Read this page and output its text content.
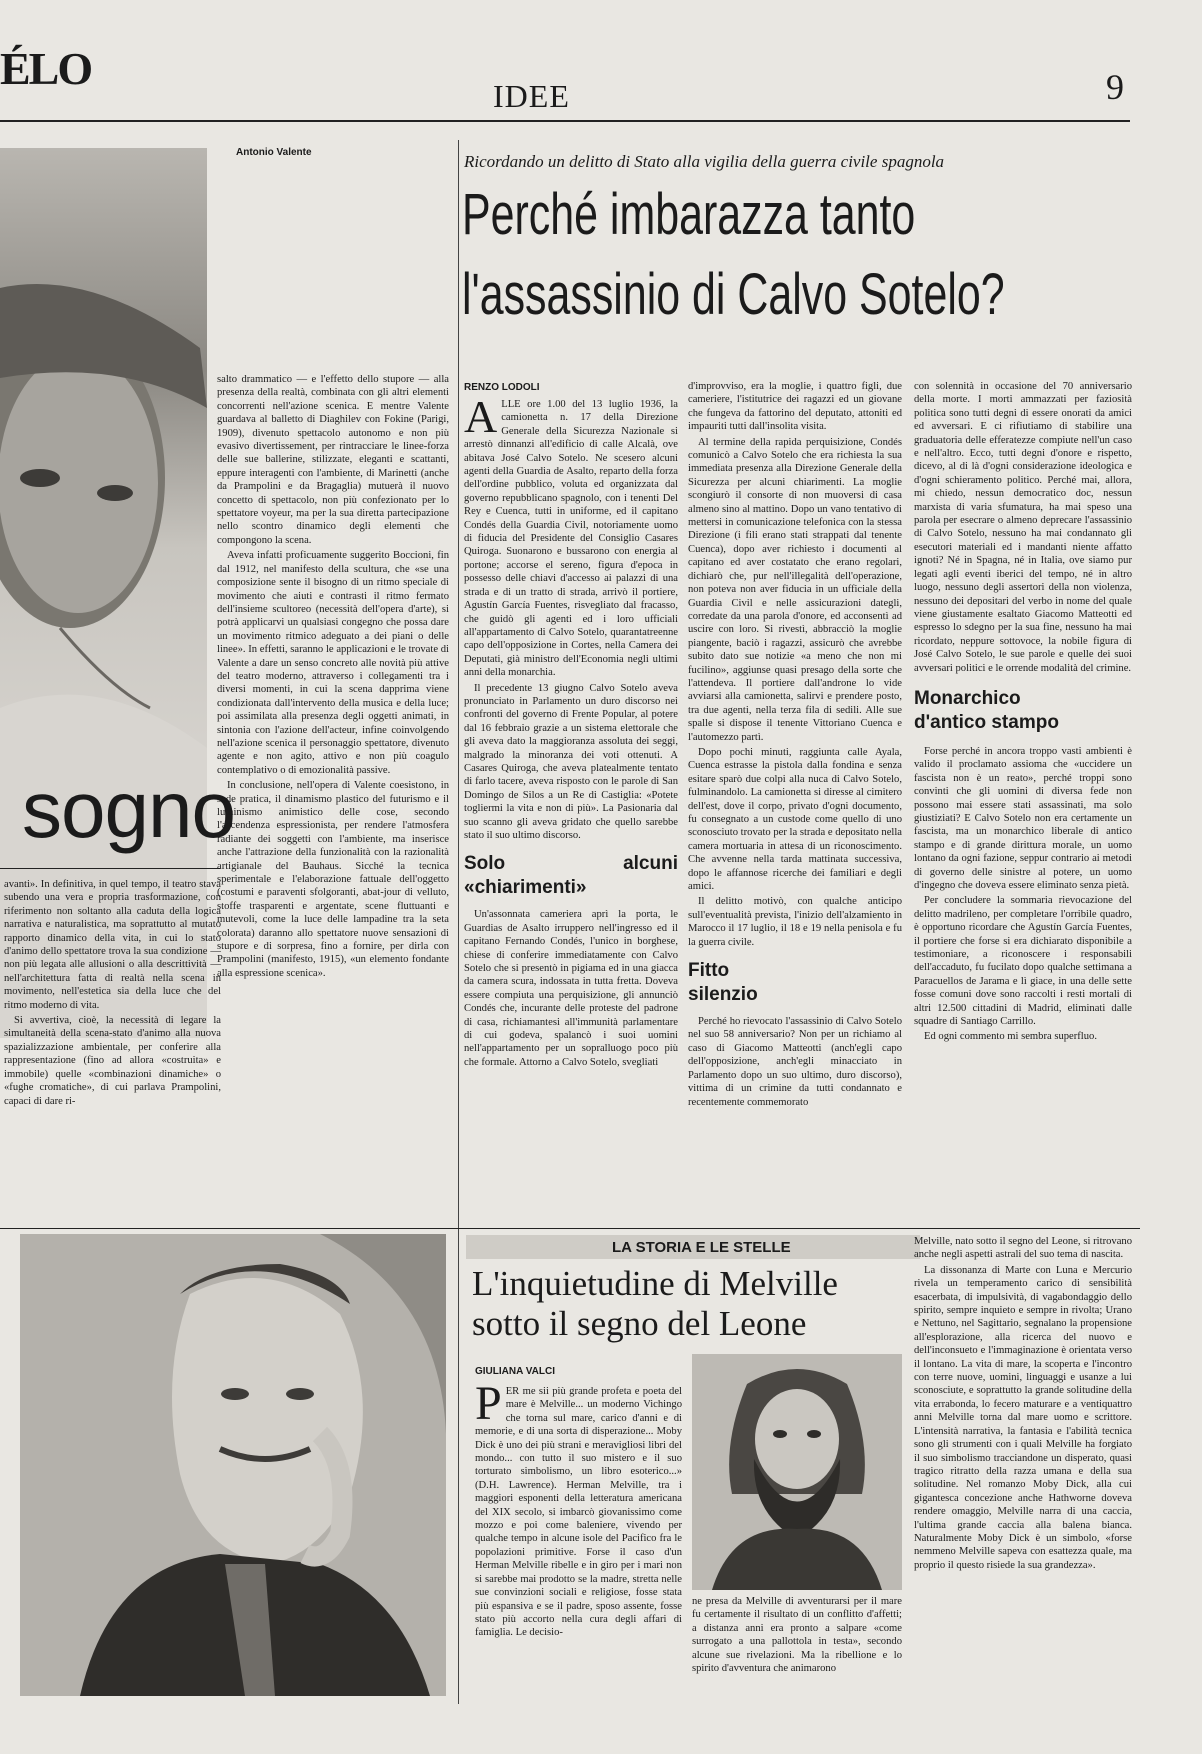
ÉLO
IDEE	9
sogno
Antonio Valente

salto drammatico — e l'effetto dello stupore — alla presenza della realtà, combinata con gli altri elementi concorrenti nell'azione scenica. E mentre Valente guardava al balletto di Diaghilev con Fokine (Parigi, 1909), divenuto spettacolo autonomo e non più evasivo divertissement, per rintracciare le linee-forza delle sue ballerine, stilizzate, eleganti e scattanti, eppure interagenti con l'ambiente, di Marinetti (anche da Prampolini e da Bragaglia) mutuerà il nuovo concetto di spettacolo, non più confezionato per lo spettatore voyeur, ma per la sua diretta partecipazione nello scontro dinamico degli elementi che compongono la scena.

Aveva infatti proficuamente suggerito Boccioni, fin dal 1912, nel manifesto della scultura, che «se una composizione sente il bisogno di un ritmo speciale di movimento che aiuti e contrasti il ritmo fermato dell'insieme scultoreo (necessità dell'opera d'arte), si potrà applicarvi un qualsiasi congegno che possa dare un movimento ritmico adeguato a dei piani o delle linee». In effetti, saranno le applicazioni e le trovate di Valente a dare un senso concreto alle novità più attive del teatro moderno, attraverso i collegamenti tra i diversi momenti, in cui la scena dapprima viene condizionata dall'intervento della musica e della luce; poi assimilata alla presenza degli oggetti animati, in sintonia con l'azione dell'acteur, infine coinvolgendo nell'azione scenica il personaggio spettatore, divenuto agente e non agito, attivo e non più coagulo contemplativo o di emozionalità passive.

In conclusione, nell'opera di Valente coesistono, in sede pratica, il dinamismo plastico del futurismo e il luminismo animistico delle cose, secondo l'ascendenza espressionista, per rendere l'atmosfera radiante dei soggetti con l'ambiente, ma inserisce anche l'attrazione della funzionalità con la razionalità artigianale del Bauhaus. Sicché la tecnica sperimentale e l'elaborazione fattuale dell'oggetto (costumi e paraventi sfolgoranti, abat-jour di velluto, stoffe trasparenti e argentate, scene fluttuanti e mutevoli, come la luce delle lampadine tra la seta colorata) daranno allo spettatore nuove sensazioni di stupore e di sorpresa, fino a fornire, per dirla con Prampolini (manifesto, 1915), «un elemento fondante alla espressione scenica».

avanti». In definitiva, in quel tempo, il teatro stava subendo una vera e propria trasformazione, con riferimento non soltanto alla caduta della logica narrativa e naturalistica, ma soprattutto al mutato rapporto dinamico della vita, in cui lo stato d'animo dello spettatore trova la sua condizione — non più legata alle allusioni o alla descrittività — nell'architettura fatta di realtà nella scena in movimento, nell'estetica sia della luce che del ritmo moderno di vita.

Si avvertiva, cioè, la necessità di legare la simultaneità della scena-stato d'animo alla nuova spazializzazione ambientale, per conferire alla rappresentazione (fino ad allora «costruita» e immobile) quelle «combinazioni dinamiche» o «fughe cromatiche», di cui parlava Prampolini, capaci di dare ri-

Ricordando un delitto di Stato alla vigilia della guerra civile spagnola
Perché imbarazza tanto
l'assassinio di Calvo Sotelo?
RENZO LODOLI
A LLE ore 1.00 del 13 luglio 1936, la camionetta n. 17 della Direzione Generale della Sicurezza Nazionale si arrestò dinnanzi all'edificio di calle Alcalà, ove abitava José Calvo Sotelo. Ne scesero alcuni agenti della Guardia de Asalto, reparto della forza dell'ordine pubblico, voluta ed organizzata dal governo repubblicano spagnolo, con i tenenti Del Rey e Cuenca, tutti in uniforme, ed il capitano Condés della Guardia Civil, notoriamente uomo di fiducia del Presidente del Consiglio Casares Quiroga. Suonarono e bussarono con energia al portone; accorse el sereno, figura d'epoca in possesso delle chiavi d'accesso ai palazzi di una strada e di un tratto di strada, arrivò il portiere, Agustín García Fuentes, risvegliato dal fracasso, che guidò gli agenti ed i loro ufficiali all'appartamento di Calvo Sotelo, quarantatreenne capo dell'opposizione in Cortes, nella Camera dei Deputati, già ministro dell'Economia negli ultimi anni della monarchia.

Il precedente 13 giugno Calvo Sotelo aveva pronunciato in Parlamento un duro discorso nei confronti del governo di Frente Popular, al potere dal 16 febbraio grazie a un sistema elettorale che gli aveva dato la maggioranza assoluta dei seggi, malgrado la minoranza dei voti ottenuti. A Casares Quiroga, che aveva platealmente tentato di farlo tacere, aveva risposto con le parole di San Domingo de Silos a un Re di Castiglia: «Potete togliermi la vita e non di più». La Pasionaria dal suo scanno gli aveva gridato che quello sarebbe stato il suo ultimo discorso.

Solo alcuni «chiarimenti»

Un'assonnata cameriera aprì la porta, le Guardias de Asalto irruppero nell'ingresso ed il capitano Fernando Condés, l'unico in borghese, chiese di conferire immediatamente con Calvo Sotelo che si presentò in pigiama ed in una giacca da camera scura, indossata in tutta fretta. Doveva essere compiuta una perquisizione, gli annunciò Condés che, incurante delle proteste del padrone di casa, richiamantesi all'immunità parlamentare di cui godeva, spalancò i suoi uomini nell'appartamento per un sopralluogo poco più che formale. Attorno a Calvo Sotelo, svegliati

d'improvviso, era la moglie, i quattro figli, due cameriere, l'istitutrice dei ragazzi ed un giovane che fungeva da fattorino del deputato, attoniti ed impauriti tutti dall'insolita visita.

Al termine della rapida perquisizione, Condés comunicò a Calvo Sotelo che era richiesta la sua immediata presenza alla Direzione Generale della Sicurezza per alcuni chiarimenti. La moglie scongiurò il consorte di non muoversi di casa almeno sino al mattino. Dopo un vano tentativo di mettersi in comunicazione telefonica con la stessa Direzione (i fili erano stati strappati dal tenente Cuenca), dopo aver richiesto i documenti al capitano ed aver costatato che erano regolari, dichiarò che, pur nell'illegalità dell'operazione, non poteva non aver fiducia in un ufficiale della Guardia Civil e nelle assicurazioni dategli, corredate da una parola d'onore, ed acconsentì ad uscire con loro. Si rivestì, abbracciò la moglie piangente, baciò i ragazzi, assicurò che avrebbe subito dato sue notizie «a meno che non mi fucilino», aggiunse quasi presago della sorte che l'attendeva. Il portiere dall'androne lo vide avviarsi alla camionetta, salirvi e prendere posto, tra due agenti, nella terza fila di sedili. Alle sue spalle si dispose il tenente Vittoriano Cuenca e l'automezzo partì.

Dopo pochi minuti, raggiunta calle Ayala, Cuenca estrasse la pistola dalla fondina e senza esitare sparò due colpi alla nuca di Calvo Sotelo, fulminandolo. La camionetta si diresse al cimitero dell'est, dove il corpo, privato d'ogni documento, fu consegnato a un custode come quello di uno sconosciuto trovato per la strada e depositato nella camera mortuaria in attesa di un riconoscimento. Che avvenne nella tarda mattinata successiva, dopo le affannose ricerche dei familiari e degli amici.

Il delitto motivò, con qualche anticipo sull'eventualità prevista, l'inizio dell'alzamiento in Marocco il 17 luglio, il 18 e 19 nella penisola e fu la guerra civile.

Fitto silenzio

Perché ho rievocato l'assassinio di Calvo Sotelo nel suo 58 anniversario? Non per un richiamo al caso di Giacomo Matteotti (anch'egli capo dell'opposizione, anch'egli minacciato in Parlamento dopo un suo ultimo, duro discorso), vittima di un crimine da tutti condannato e recentemente commemorato

con solennità in occasione del 70 anniversario della morte. I morti ammazzati per faziosità politica sono tutti degni di essere onorati da amici ed avversari. E ci rifiutiamo di stabilire una graduatoria delle efferatezze compiute nell'un caso e nell'altro. Ecco, tutti degni d'onore e rispetto, dicevo, al di là d'ogni considerazione ideologica e d'ogni schieramento politico. Perché mai, allora, mi chiedo, nessun democratico doc, nessun marxista di varia sfumatura, ha mai speso una parola per esecrare o almeno deprecare l'assassinio di Calvo Sotelo, nessuno ha mai condannato gli esecutori materiali ed i mandanti niente affatto ignoti? Né in Spagna, né in Italia, ove siamo pur legati agli eventi iberici del tempo, né in altro luogo, nessuno degli assertori della non violenza, nessuno dei depositari del verbo in nome del quale viene giustamente esaltato Giacomo Matteotti ed espresso lo sdegno per la sua fine, nessuno ha mai ricordato, neppure sottovoce, la nobile figura di José Calvo Sotelo, le sue parole e quelle dei suoi avversari politici e le orrende modalità del crimine.

Monarchico d'antico stampo

Forse perché in ancora troppo vasti ambienti è valido il proclamato assioma che «uccidere un fascista non è un reato», perché troppi sono convinti che gli uomini di diversa fede non possono mai essere stati assassinati, ma solo giustiziati? E Calvo Sotelo non era certamente un fascista, ma un monarchico liberale di antico stampo e di grande dirittura morale, un uomo lontano da ogni fazione, seppur contrario ai metodi di governo delle sinistre al potere, un uomo d'ingegno che doveva essere eliminato senza pietà.

Per concludere la sommaria rievocazione del delitto madrileno, per completare l'orribile quadro, è opportuno ricordare che Agustín García Fuentes, il portiere che forse si era dichiarato disponibile a testimoniare, a riconoscere i responsabili dell'accaduto, fu fucilato dopo qualche settimana a Paracuellos de Jarama e lì giace, in una delle sette fosse comuni dove sono raccolti i resti mortali di altri 12.500 cittadini di Madrid, eliminati dalle squadre di Santiago Carrillo.

Ed ogni commento mi sembra superfluo.

LA STORIA E LE STELLE
L'inquietudine di Melville
sotto il segno del Leone
GIULIANA VALCI
P ER me sii più grande profeta e poeta del mare è Melville... un moderno Vichingo che torna sul mare, carico d'anni e di memorie, e di una sorta di disperazione... Moby Dick è uno dei più strani e meravigliosi libri del mondo... con tutto il suo mistero e il suo torturato simbolismo, un libro esoterico...» (D.H. Lawrence). Herman Melville, tra i maggiori esponenti della letteratura americana del XIX secolo, si imbarcò giovanissimo come mozzo e poi come baleniere, vivendo per qualche tempo in alcune isole del Pacifico fra le popolazioni primitive. Forse il caso d'un Herman Melville ribelle e in giro per i mari non si sarebbe mai prodotto se la madre, stretta nelle sue convinzioni sociali e religiose, fosse stata più espansiva e se il padre, sposo assente, fosse stato più accorto nella cura degli affari di famiglia. Le decisio-

ne presa da Melville di avventurarsi per il mare fu certamente il risultato di un conflitto d'affetti; a distanza anni era pronto a salpare «come surrogato a una pallottola in testa», secondo alcune sue rivelazioni. Ma la ribellione e lo spirito d'avventura che animarono

Melville, nato sotto il segno del Leone, si ritrovano anche negli aspetti astrali del suo tema di nascita.

La dissonanza di Marte con Luna e Mercurio rivela un temperamento carico di sensibilità esacerbata, di impulsività, di vagabondaggio dello spirito, sempre inquieto e sempre in rivolta; Urano e Nettuno, nel Sagittario, segnalano la propensione all'esplorazione, alla ricerca del nuovo e dell'inconsueto e l'immaginazione è orientata verso il lontano. La vita di mare, la scoperta e l'incontro con terre nuove, uomini, linguaggi e usanze a lui sconosciute, e soprattutto la grande solitudine della vita errabonda, lo fecero maturare e a ventiquattro anni Melville torna dal mare uomo e scrittore. L'intensità narrativa, la fantasia e l'abilità tecnica sono gli strumenti con i quali Melville ha forgiato il suo simbolismo tracciandone un disperato, quasi tragico ritratto della razza umana e della sua solitudine. Nel romanzo Moby Dick, alla cui gigantesca concezione anche Hathworne doveva rendere omaggio, Melville narra di una caccia, l'ultima grande caccia alla balena bianca. Naturalmente Moby Dick è un simbolo, «forse nemmeno Melville sapeva con esattezza quale, ma proprio il questo risiede la sua grandezza».
